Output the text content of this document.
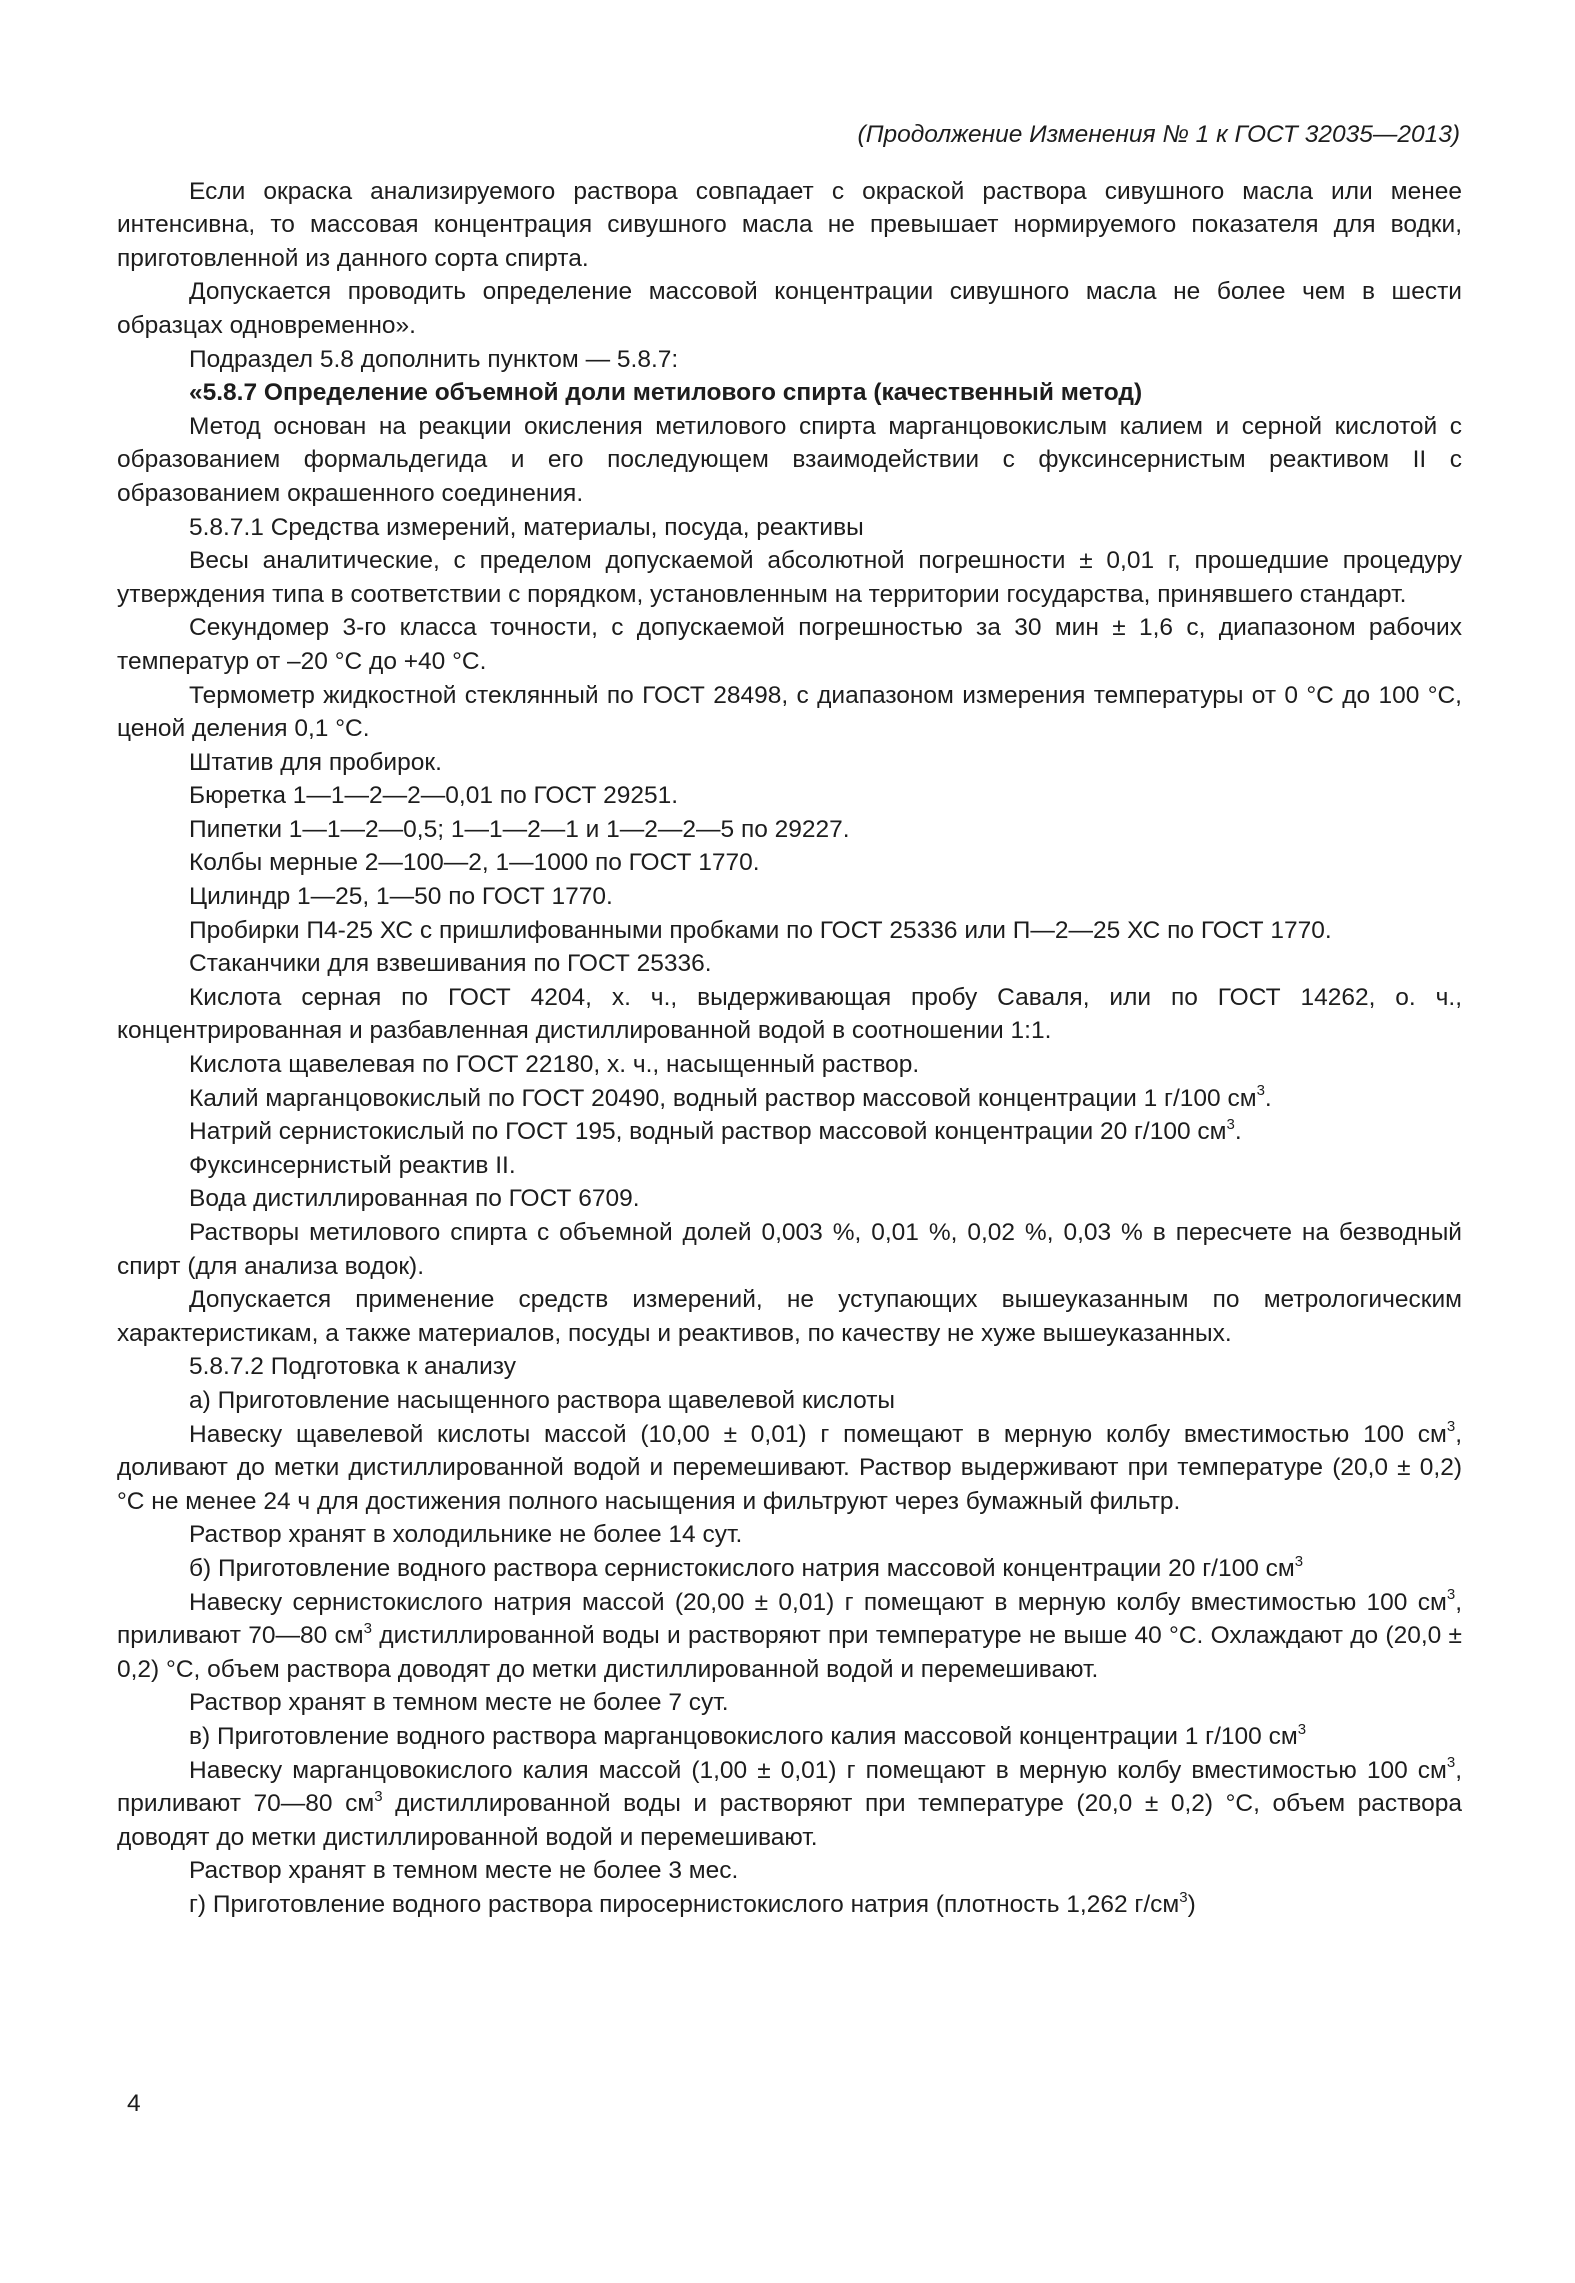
(Продолжение Изменения № 1 к ГОСТ 32035—2013)

Если окраска анализируемого раствора совпадает с окраской раствора сивушного масла или менее интенсивна, то массовая концентрация сивушного масла не превышает нормируемого показателя для водки, приготовленной из данного сорта спирта.

Допускается проводить определение массовой концентрации сивушного масла не более чем в шести образцах одновременно».

Подраздел 5.8 дополнить пунктом — 5.8.7:

«5.8.7 Определение объемной доли метилового спирта (качественный метод)

Метод основан на реакции окисления метилового спирта марганцовокислым калием и серной кислотой с образованием формальдегида и его последующем взаимодействии с фуксинсернистым реактивом II с образованием окрашенного соединения.

5.8.7.1 Средства измерений, материалы, посуда, реактивы

Весы аналитические, с пределом допускаемой абсолютной погрешности ± 0,01 г, прошедшие процедуру утверждения типа в соответствии с порядком, установленным на территории государства, принявшего стандарт.

Секундомер 3-го класса точности, с допускаемой погрешностью за 30 мин ± 1,6 с, диапазоном рабочих температур от –20 °С до +40 °С.

Термометр жидкостной стеклянный по ГОСТ 28498, с диапазоном измерения температуры от 0 °С до 100 °С, ценой деления 0,1 °С.

Штатив для пробирок.

Бюретка 1—1—2—2—0,01 по ГОСТ 29251.

Пипетки 1—1—2—0,5; 1—1—2—1 и 1—2—2—5 по 29227.

Колбы мерные 2—100—2, 1—1000 по ГОСТ 1770.

Цилиндр 1—25, 1—50 по ГОСТ 1770.

Пробирки П4-25 ХС с пришлифованными пробками по ГОСТ 25336 или П—2—25 ХС по ГОСТ 1770.

Стаканчики для взвешивания по ГОСТ 25336.

Кислота серная по ГОСТ 4204, х. ч., выдерживающая пробу Саваля, или по ГОСТ 14262, о. ч., концентрированная и разбавленная дистиллированной водой в соотношении 1:1.

Кислота щавелевая по ГОСТ 22180, х. ч., насыщенный раствор.

Калий марганцовокислый по ГОСТ 20490, водный раствор массовой концентрации 1 г/100 $см^3$.

Натрий сернистокислый по ГОСТ 195, водный раствор массовой концентрации 20 г/100 $см^3$.

Фуксинсернистый реактив II.

Вода дистиллированная по ГОСТ 6709.

Растворы метилового спирта с объемной долей 0,003 %, 0,01 %, 0,02 %, 0,03 % в пересчете на безводный спирт (для анализа водок).

Допускается применение средств измерений, не уступающих вышеуказанным по метрологическим характеристикам, а также материалов, посуды и реактивов, по качеству не хуже вышеуказанных.

5.8.7.2 Подготовка к анализу

а) Приготовление насыщенного раствора щавелевой кислоты

Навеску щавелевой кислоты массой (10,00 ± 0,01) г помещают в мерную колбу вместимостью 100 $см^3$, доливают до метки дистиллированной водой и перемешивают. Раствор выдерживают при температуре (20,0 ± 0,2) °С не менее 24 ч для достижения полного насыщения и фильтруют через бумажный фильтр.

Раствор хранят в холодильнике не более 14 сут.

б) Приготовление водного раствора сернистокислого натрия массовой концентрации 20 г/100 $см^3$

Навеску сернистокислого натрия массой (20,00 ± 0,01) г помещают в мерную колбу вместимостью 100 $см^3$, приливают 70—80 $см^3$ дистиллированной воды и растворяют при температуре не выше 40 °С. Охлаждают до (20,0 ± 0,2) °С, объем раствора доводят до метки дистиллированной водой и перемешивают.

Раствор хранят в темном месте не более 7 сут.

в) Приготовление водного раствора марганцовокислого калия массовой концентрации 1 г/100 $см^3$

Навеску марганцовокислого калия массой (1,00 ± 0,01) г помещают в мерную колбу вместимостью 100 $см^3$, приливают 70—80 $см^3$ дистиллированной воды и растворяют при температуре (20,0 ± 0,2) °С, объем раствора доводят до метки дистиллированной водой и перемешивают.

Раствор хранят в темном месте не более 3 мес.

г) Приготовление водного раствора пиросернистокислого натрия (плотность 1,262 $г/см^3$)

4
